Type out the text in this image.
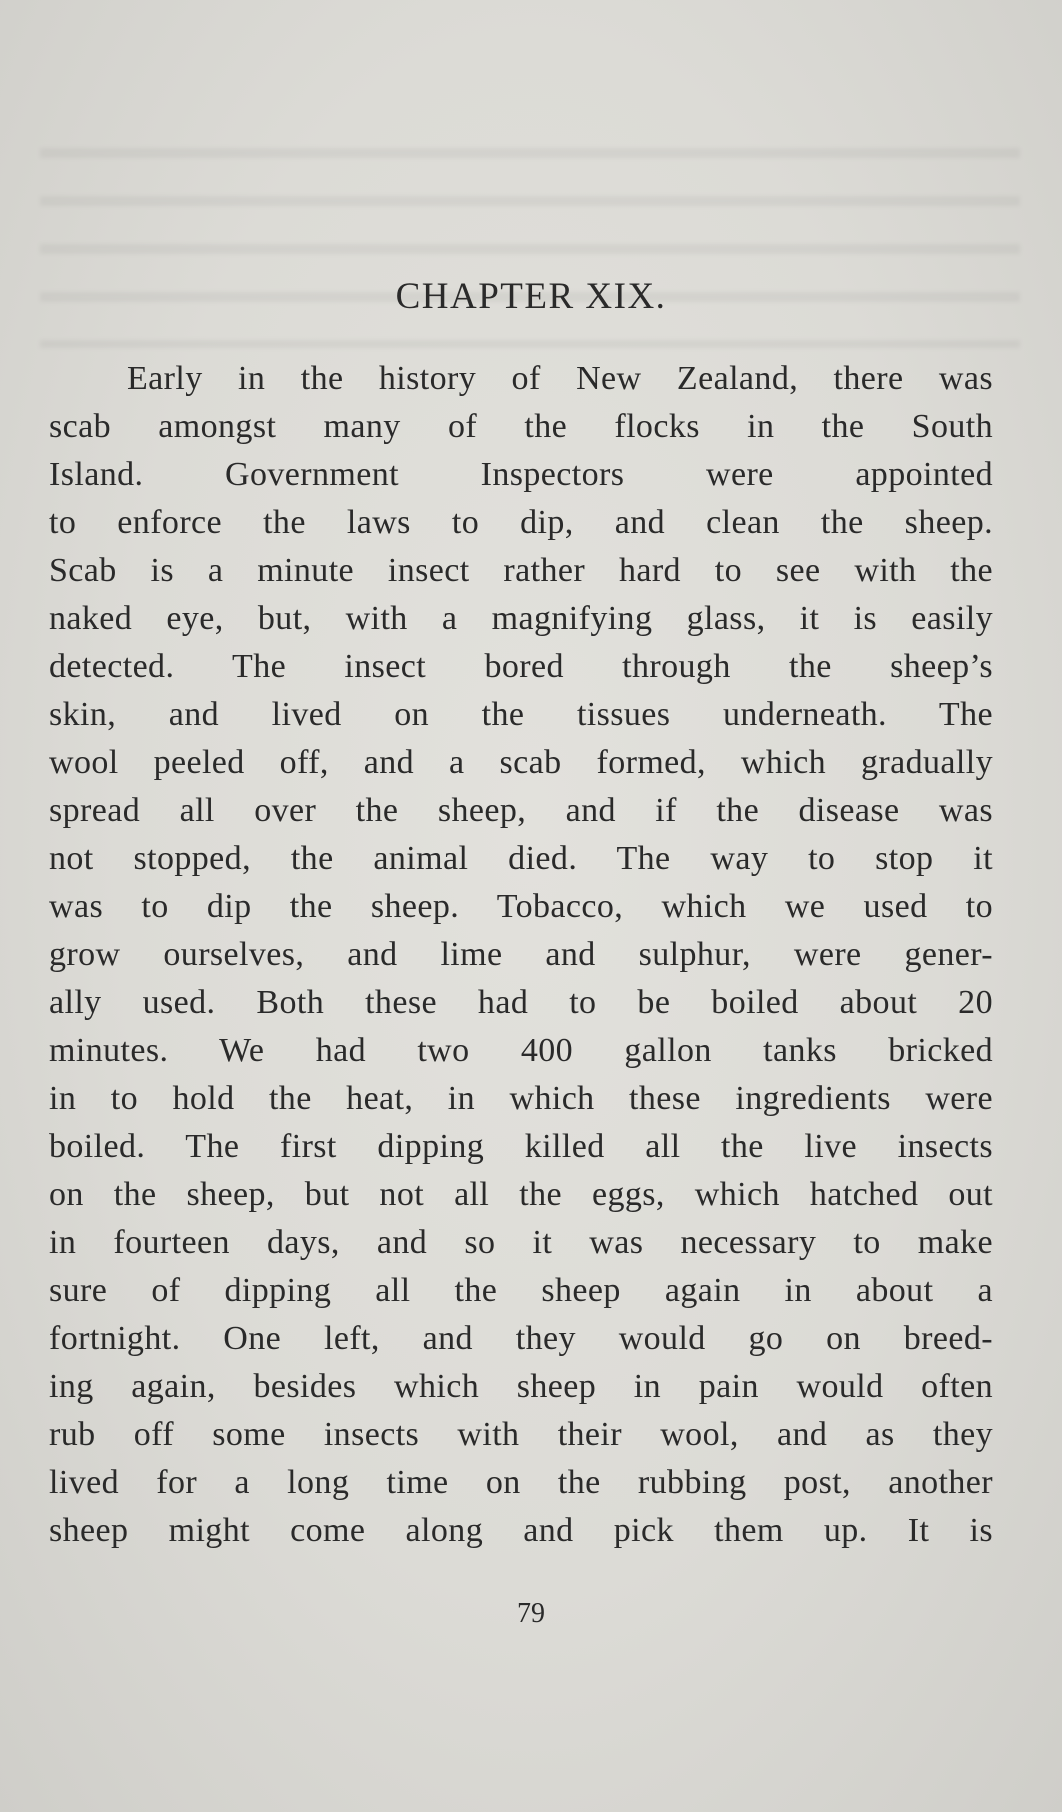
CHAPTER XIX.
Early in the history of New Zealand, there was
scab amongst many of the flocks in the South
Island. Government Inspectors were appointed
to enforce the laws to dip, and clean the sheep.
Scab is a minute insect rather hard to see with the
naked eye, but, with a magnifying glass, it is easily
detected. The insect bored through the sheep’s
skin, and lived on the tissues underneath. The
wool peeled off, and a scab formed, which gradually
spread all over the sheep, and if the disease was
not stopped, the animal died. The way to stop it
was to dip the sheep. Tobacco, which we used to
grow ourselves, and lime and sulphur, were gener-
ally used. Both these had to be boiled about 20
minutes. We had two 400 gallon tanks bricked
in to hold the heat, in which these ingredients were
boiled. The first dipping killed all the live insects
on the sheep, but not all the eggs, which hatched out
in fourteen days, and so it was necessary to make
sure of dipping all the sheep again in about a
fortnight. One left, and they would go on breed-
ing again, besides which sheep in pain would often
rub off some insects with their wool, and as they
lived for a long time on the rubbing post, another
sheep might come along and pick them up. It is

79
